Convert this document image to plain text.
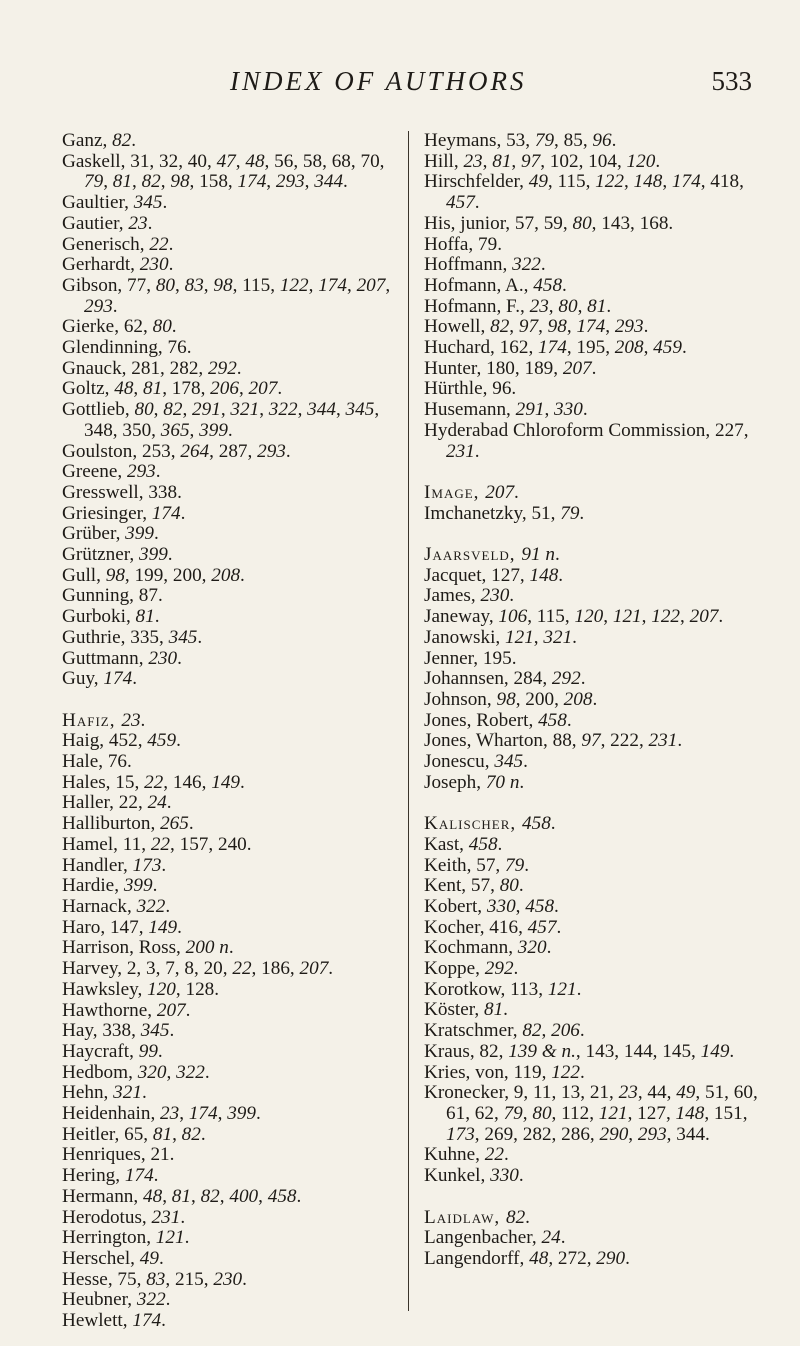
INDEX OF AUTHORS	533
Ganz, 82.
Gaskell, 31, 32, 40, 47, 48, 56, 58, 68, 70, 79, 81, 82, 98, 158, 174, 293, 344.
Gaultier, 345.
Gautier, 23.
Generisch, 22.
Gerhardt, 230.
Gibson, 77, 80, 83, 98, 115, 122, 174, 207, 293.
Gierke, 62, 80.
Glendinning, 76.
Gnauck, 281, 282, 292.
Goltz, 48, 81, 178, 206, 207.
Gottlieb, 80, 82, 291, 321, 322, 344, 345, 348, 350, 365, 399.
Goulston, 253, 264, 287, 293.
Greene, 293.
Gresswell, 338.
Griesinger, 174.
Grüber, 399.
Grützner, 399.
Gull, 98, 199, 200, 208.
Gunning, 87.
Gurboki, 81.
Guthrie, 335, 345.
Guttmann, 230.
Guy, 174.
Hafiz, 23.
Haig, 452, 459.
Hale, 76.
Hales, 15, 22, 146, 149.
Haller, 22, 24.
Halliburton, 265.
Hamel, 11, 22, 157, 240.
Handler, 173.
Hardie, 399.
Harnack, 322.
Haro, 147, 149.
Harrison, Ross, 200 n.
Harvey, 2, 3, 7, 8, 20, 22, 186, 207.
Hawksley, 120, 128.
Hawthorne, 207.
Hay, 338, 345.
Haycraft, 99.
Hedbom, 320, 322.
Hehn, 321.
Heidenhain, 23, 174, 399.
Heitler, 65, 81, 82.
Henriques, 21.
Hering, 174.
Hermann, 48, 81, 82, 400, 458.
Herodotus, 231.
Herrington, 121.
Herschel, 49.
Hesse, 75, 83, 215, 230.
Heubner, 322.
Hewlett, 174.
Heymans, 53, 79, 85, 96.
Hill, 23, 81, 97, 102, 104, 120.
Hirschfelder, 49, 115, 122, 148, 174, 418, 457.
His, junior, 57, 59, 80, 143, 168.
Hoffa, 79.
Hoffmann, 322.
Hofmann, A., 458.
Hofmann, F., 23, 80, 81.
Howell, 82, 97, 98, 174, 293.
Huchard, 162, 174, 195, 208, 459.
Hunter, 180, 189, 207.
Hürthle, 96.
Husemann, 291, 330.
Hyderabad Chloroform Commission, 227, 231.
Image, 207.
Imchanetzky, 51, 79.
Jaarsveld, 91 n.
Jacquet, 127, 148.
James, 230.
Janeway, 106, 115, 120, 121, 122, 207.
Janowski, 121, 321.
Jenner, 195.
Johannsen, 284, 292.
Johnson, 98, 200, 208.
Jones, Robert, 458.
Jones, Wharton, 88, 97, 222, 231.
Jonescu, 345.
Joseph, 70 n.
Kalischer, 458.
Kast, 458.
Keith, 57, 79.
Kent, 57, 80.
Kobert, 330, 458.
Kocher, 416, 457.
Kochmann, 320.
Koppe, 292.
Korotkow, 113, 121.
Köster, 81.
Kratschmer, 82, 206.
Kraus, 82, 139 & n., 143, 144, 145, 149.
Kries, von, 119, 122.
Kronecker, 9, 11, 13, 21, 23, 44, 49, 51, 60, 61, 62, 79, 80, 112, 121, 127, 148, 151, 173, 269, 282, 286, 290, 293, 344.
Kuhne, 22.
Kunkel, 330.
Laidlaw, 82.
Langenbacher, 24.
Langendorff, 48, 272, 290.
